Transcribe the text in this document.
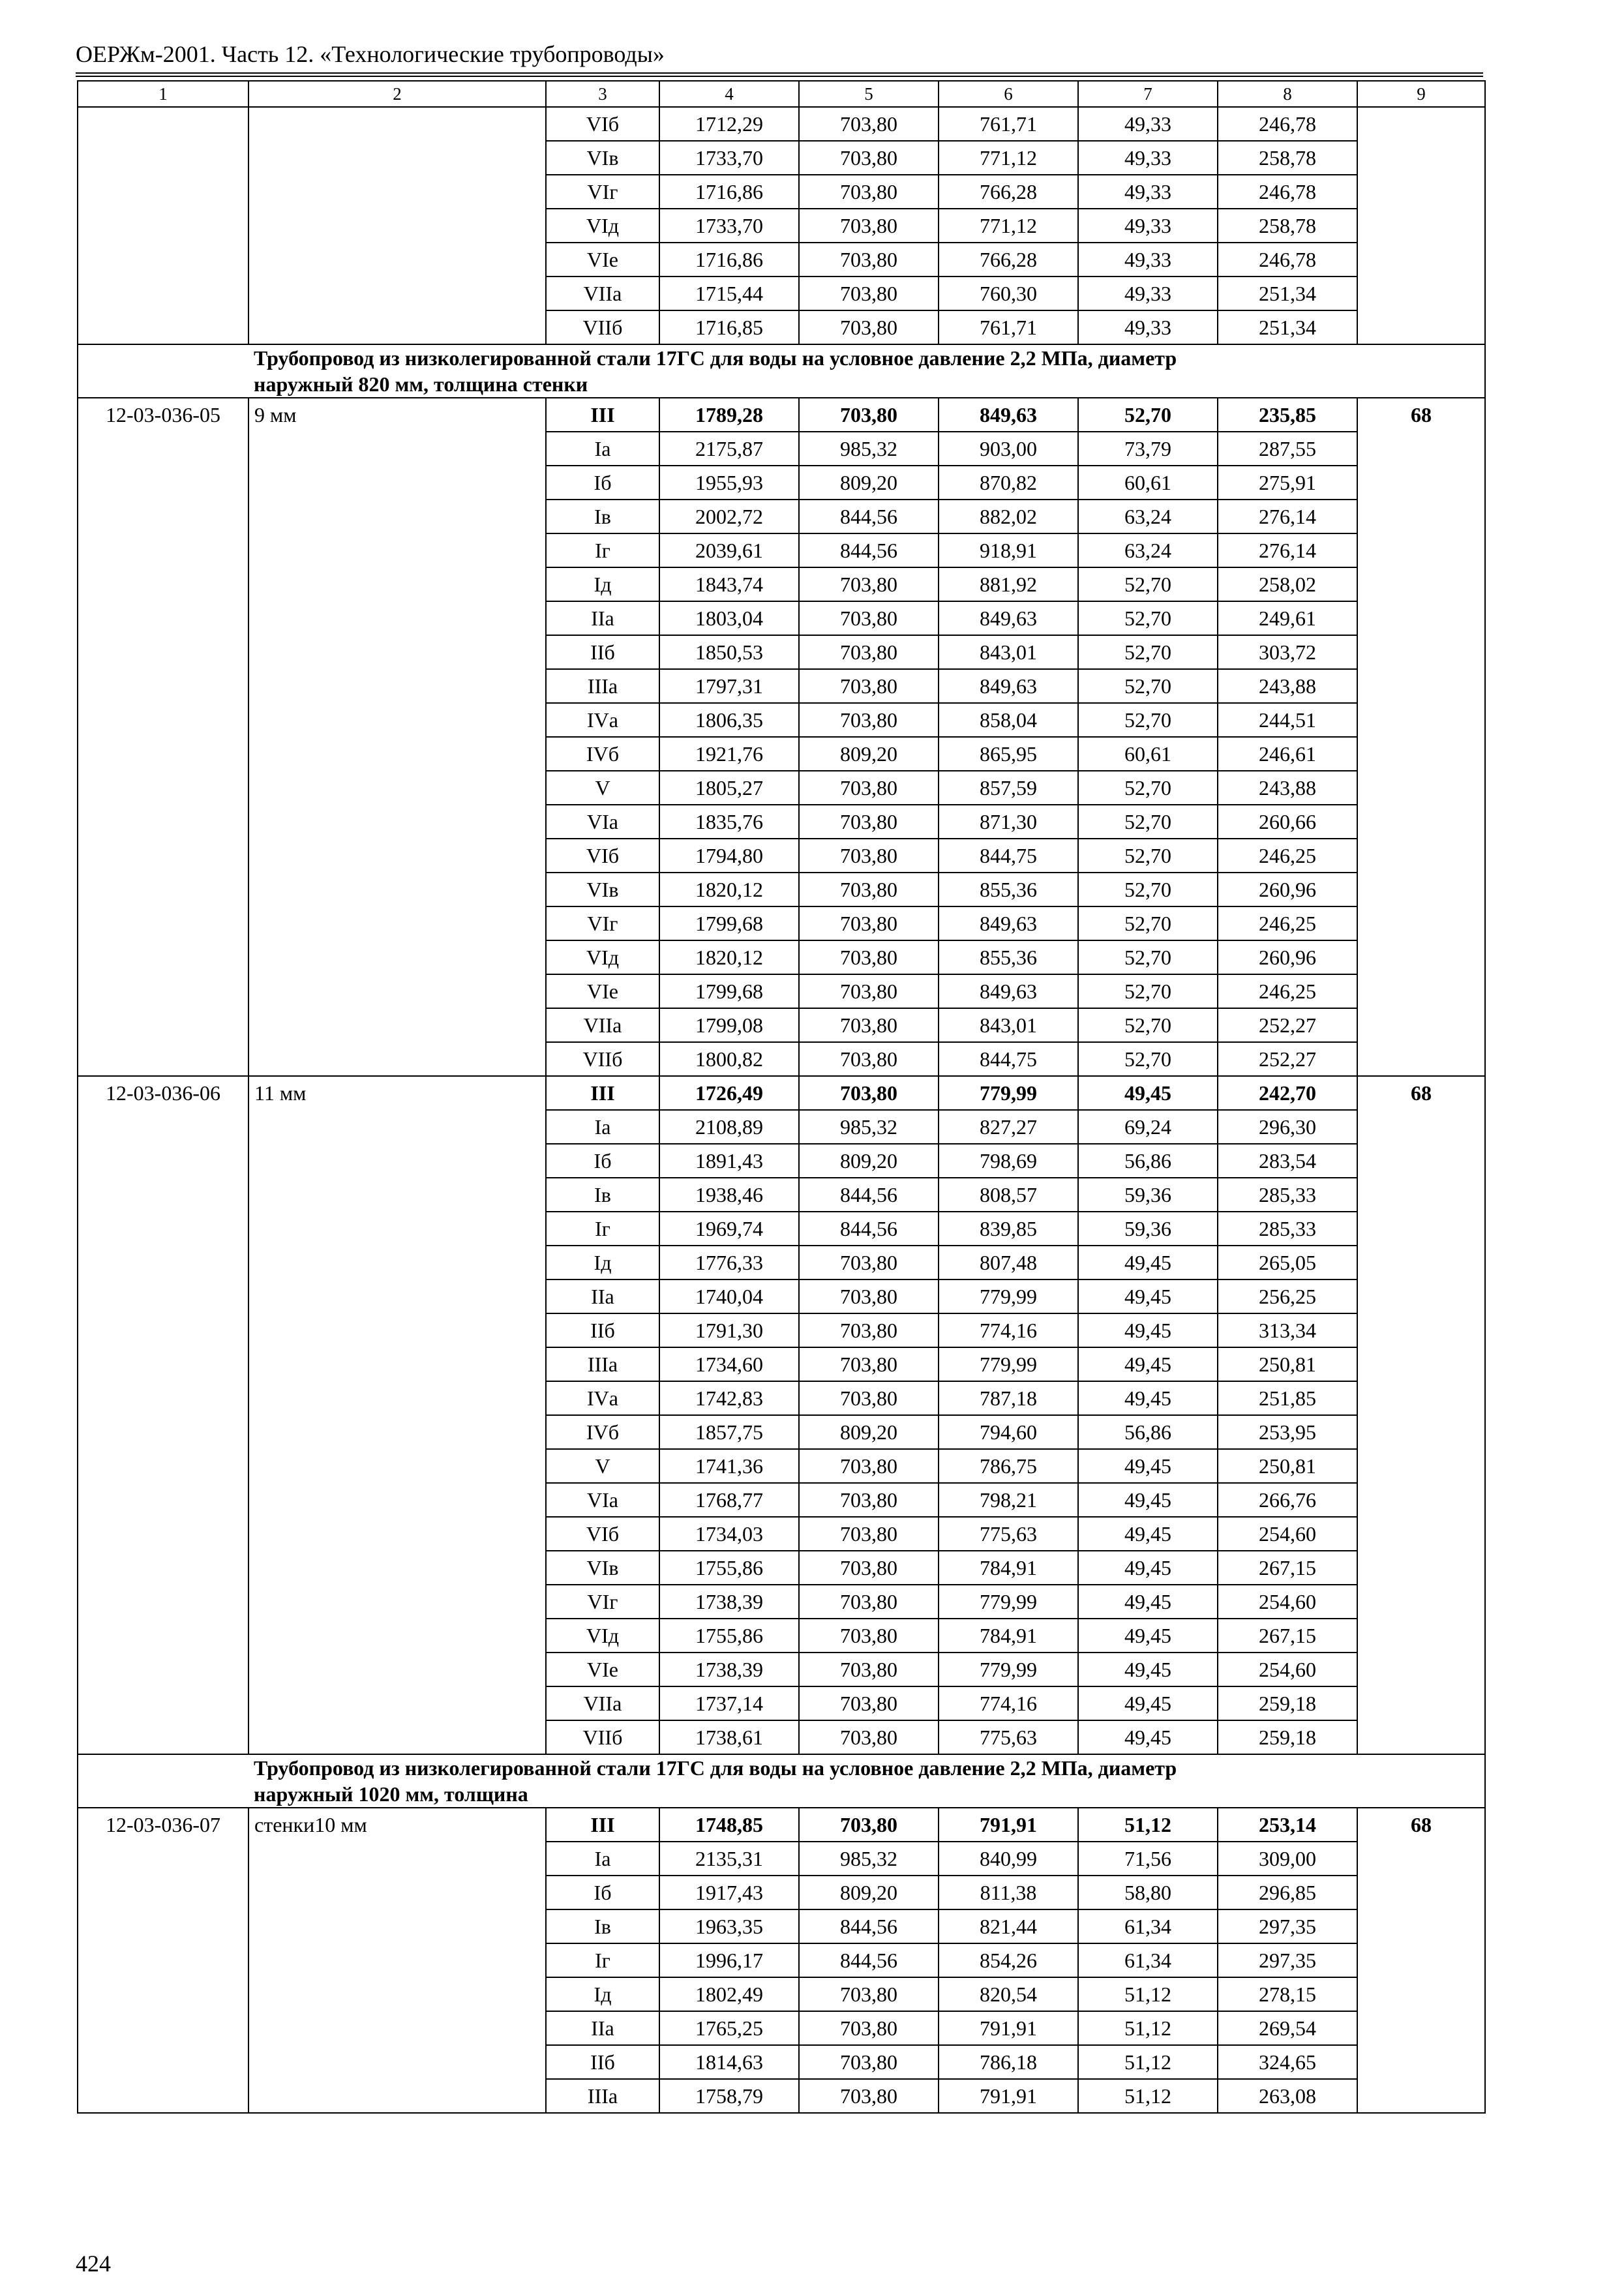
ОЕРЖм-2001. Часть 12. «Технологические трубопроводы»
1	2	3	4	5	6	7	8	9
		VIб	1712,29	703,80	761,71	49,33	246,78	
		VIв	1733,70	703,80	771,12	49,33	258,78	
		VIг	1716,86	703,80	766,28	49,33	246,78	
		VIд	1733,70	703,80	771,12	49,33	258,78	
		VIе	1716,86	703,80	766,28	49,33	246,78	
		VIIа	1715,44	703,80	760,30	49,33	251,34	
		VIIб	1716,85	703,80	761,71	49,33	251,34	

	Трубопровод из низколегированной стали 17ГС для воды на условное давление 2,2 МПа, диаметр
наружный 820 мм, толщина стенки							

12-03-036-05	9 мм	III	1789,28	703,80	849,63	52,70	235,85	68
		Iа	2175,87	985,32	903,00	73,79	287,55	
		Iб	1955,93	809,20	870,82	60,61	275,91	
		Iв	2002,72	844,56	882,02	63,24	276,14	
		Iг	2039,61	844,56	918,91	63,24	276,14	
		Iд	1843,74	703,80	881,92	52,70	258,02	
		IIа	1803,04	703,80	849,63	52,70	249,61	
		IIб	1850,53	703,80	843,01	52,70	303,72	
		IIIа	1797,31	703,80	849,63	52,70	243,88	
		IVа	1806,35	703,80	858,04	52,70	244,51	
		IVб	1921,76	809,20	865,95	60,61	246,61	
		V	1805,27	703,80	857,59	52,70	243,88	
		VIа	1835,76	703,80	871,30	52,70	260,66	
		VIб	1794,80	703,80	844,75	52,70	246,25	
		VIв	1820,12	703,80	855,36	52,70	260,96	
		VIг	1799,68	703,80	849,63	52,70	246,25	
		VIд	1820,12	703,80	855,36	52,70	260,96	
		VIе	1799,68	703,80	849,63	52,70	246,25	
		VIIа	1799,08	703,80	843,01	52,70	252,27	
		VIIб	1800,82	703,80	844,75	52,70	252,27	
12-03-036-06	11 мм	III	1726,49	703,80	779,99	49,45	242,70	68
		Iа	2108,89	985,32	827,27	69,24	296,30	
		Iб	1891,43	809,20	798,69	56,86	283,54	
		Iв	1938,46	844,56	808,57	59,36	285,33	
		Iг	1969,74	844,56	839,85	59,36	285,33	
		Iд	1776,33	703,80	807,48	49,45	265,05	
		IIа	1740,04	703,80	779,99	49,45	256,25	
		IIб	1791,30	703,80	774,16	49,45	313,34	
		IIIа	1734,60	703,80	779,99	49,45	250,81	
		IVа	1742,83	703,80	787,18	49,45	251,85	
		IVб	1857,75	809,20	794,60	56,86	253,95	
		V	1741,36	703,80	786,75	49,45	250,81	
		VIа	1768,77	703,80	798,21	49,45	266,76	
		VIб	1734,03	703,80	775,63	49,45	254,60	
		VIв	1755,86	703,80	784,91	49,45	267,15	
		VIг	1738,39	703,80	779,99	49,45	254,60	
		VIд	1755,86	703,80	784,91	49,45	267,15	
		VIе	1738,39	703,80	779,99	49,45	254,60	
		VIIа	1737,14	703,80	774,16	49,45	259,18	
		VIIб	1738,61	703,80	775,63	49,45	259,18	

	Трубопровод из низколегированной стали 17ГС для воды на условное давление 2,2 МПа, диаметр
наружный 1020 мм, толщина							

12-03-036-07	стенки10 мм	III	1748,85	703,80	791,91	51,12	253,14	68
		Iа	2135,31	985,32	840,99	71,56	309,00	
		Iб	1917,43	809,20	811,38	58,80	296,85	
		Iв	1963,35	844,56	821,44	61,34	297,35	
		Iг	1996,17	844,56	854,26	61,34	297,35	
		Iд	1802,49	703,80	820,54	51,12	278,15	
		IIа	1765,25	703,80	791,91	51,12	269,54	
		IIб	1814,63	703,80	786,18	51,12	324,65	
		IIIа	1758,79	703,80	791,91	51,12	263,08	
424
